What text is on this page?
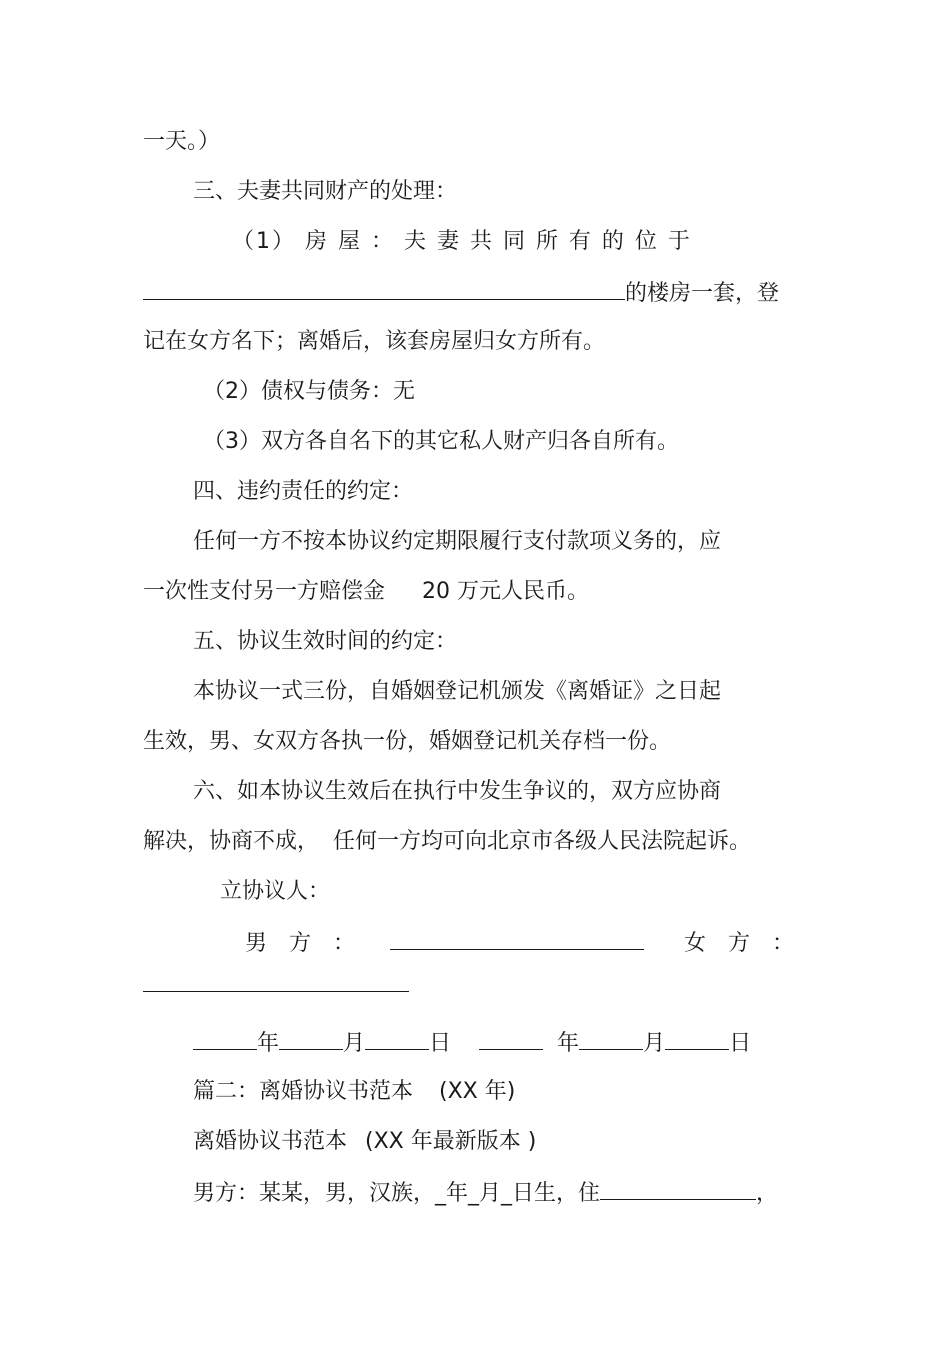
一天。）
三、夫妻共同财产的处理：
（1） 房 屋 ： 夫 妻 共 同 所 有 的 位 于
的楼房一套，登
记在女方名下；离婚后，该套房屋归女方所有。
（2）债权与债务：无
（3）双方各自名下的其它私人财产归各自所有。
四、违约责任的约定：
任何一方不按本协议约定期限履行支付款项义务的，应
一次性支付另一方赔偿金 20 万元人民币。
五、协议生效时间的约定：
本协议一式三份，自婚姻登记机颁发《离婚证》之日起
生效，男、女双方各执一份，婚姻登记机关存档一份。
六、如本协议生效后在执行中发生争议的，双方应协商
解决，协商不成， 任何一方均可向北京市各级人民法院起诉。
立协议人：
男　方　：	女　方　：
年	月	日	年	月	日
篇二：离婚协议书范本 (XX 年)
离婚协议书范本 (XX 年最新版本 )
男方：某某，男，汉族，_年_月_日生，住	，
